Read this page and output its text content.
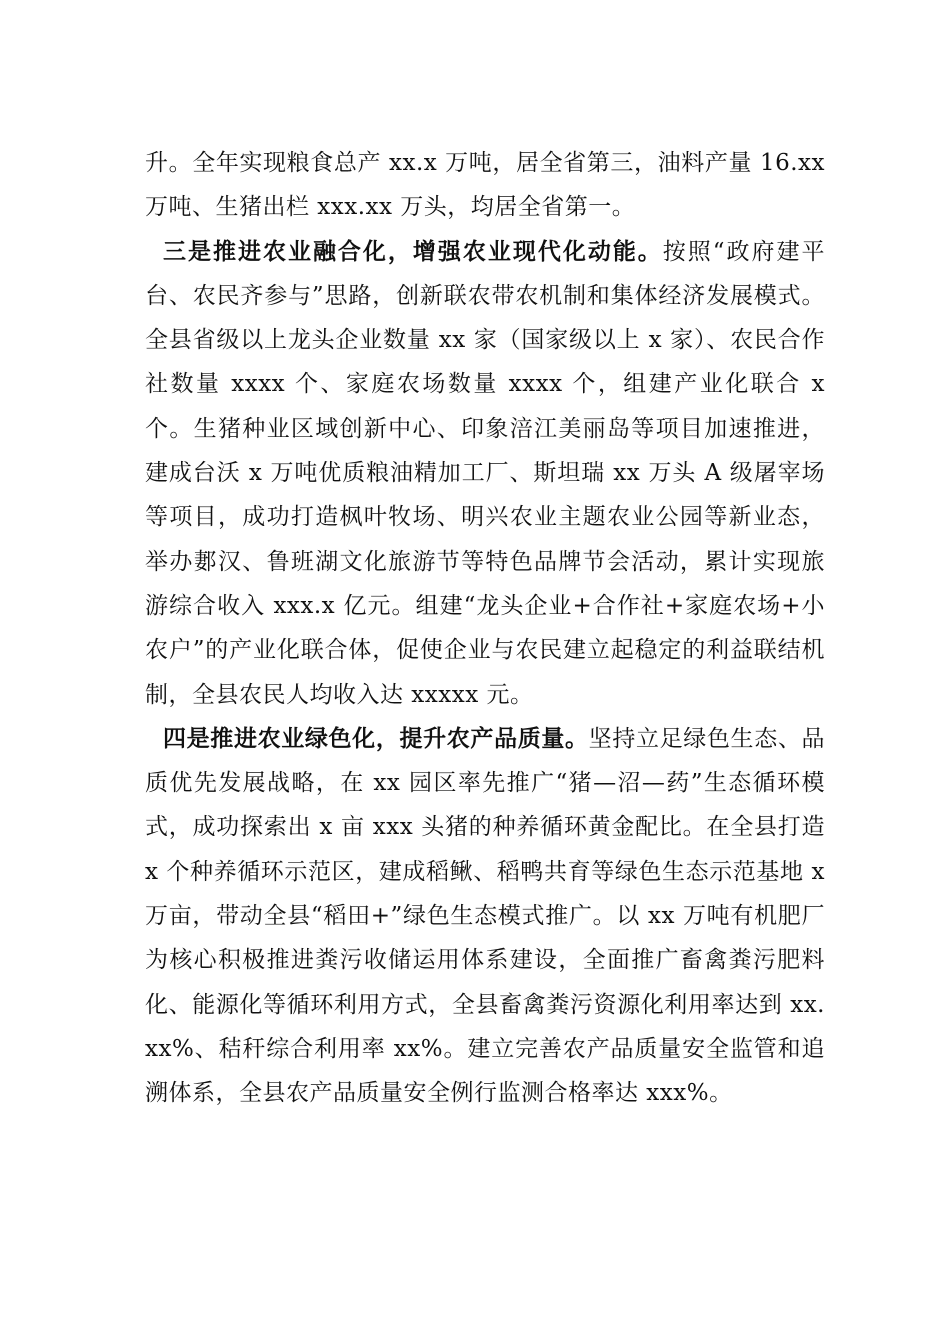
升。全年实现粮食总产 xx.x 万吨，居全省第三，油料产量 16.xx 万吨、生猪出栏 xxx.xx 万头，均居全省第一。

三是推进农业融合化，增强农业现代化动能。按照“政府建平台、农民齐参与”思路，创新联农带农机制和集体经济发展模式。全县省级以上龙头企业数量 xx 家（国家级以上 x 家）、农民合作社数量 xxxx 个、家庭农场数量 xxxx 个，组建产业化联合 x 个。生猪种业区域创新中心、印象涪江美丽岛等项目加速推进，建成台沃 x 万吨优质粮油精加工厂、斯坦瑞 xx 万头 A 级屠宰场等项目，成功打造枫叶牧场、明兴农业主题农业公园等新业态，举办郪汉、鲁班湖文化旅游节等特色品牌节会活动，累计实现旅游综合收入 xxx.x 亿元。组建“龙头企业+合作社+家庭农场+小农户”的产业化联合体，促使企业与农民建立起稳定的利益联结机制，全县农民人均收入达 xxxxx 元。

四是推进农业绿色化，提升农产品质量。坚持立足绿色生态、品质优先发展战略，在 xx 园区率先推广“猪—沼—药”生态循环模式，成功探索出 x 亩 xxx 头猪的种养循环黄金配比。在全县打造 x 个种养循环示范区，建成稻鳅、稻鸭共育等绿色生态示范基地 x 万亩，带动全县“稻田+”绿色生态模式推广。以 xx 万吨有机肥厂为核心积极推进粪污收储运用体系建设，全面推广畜禽粪污肥料化、能源化等循环利用方式，全县畜禽粪污资源化利用率达到 xx.xx%、秸秆综合利用率 xx%。建立完善农产品质量安全监管和追溯体系，全县农产品质量安全例行监测合格率达 xxx%。
